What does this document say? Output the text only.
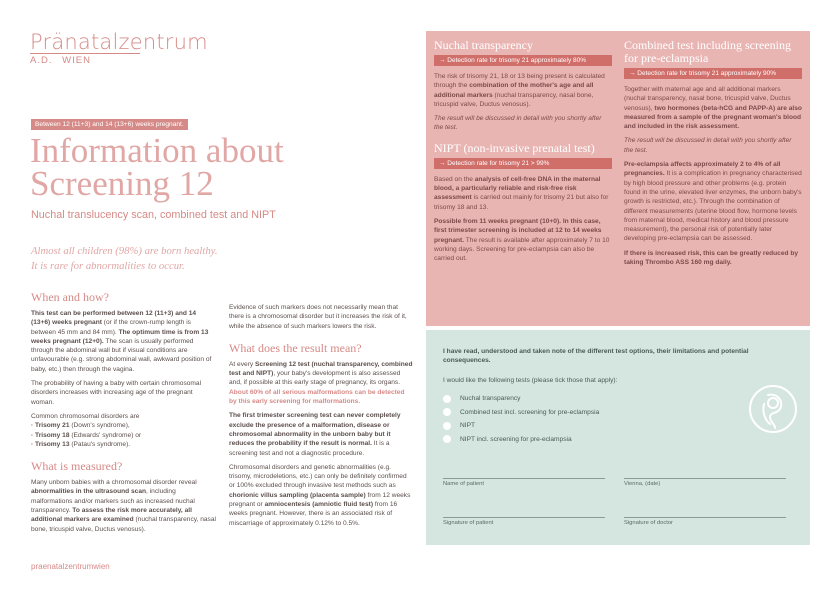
Pränatalzentrum
A.D. WIEN
Between 12 (11+3) and 14 (13+6) weeks pregnant.
Information about
Screening 12
Nuchal translucency scan, combined test and NIPT
Almost all children (98%) are born healthy.
It is rare for abnormalities to occur.
When and how?

This test can be performed between 12 (11+3) and 14 (13+6) weeks pregnant (or if the crown-rump length is between 45 mm and 84 mm). The optimum time is from 13 weeks pregnant (12+0). The scan is usually performed through the abdominal wall but if visual conditions are unfavourable (e.g. strong abdominal wall, awkward position of baby, etc.) then through the vagina.

The probability of having a baby with certain chromosomal disorders increases with increasing age of the pregnant woman.

Common chromosomal disorders are
· Trisomy 21 (Down's syndrome),
· Trisomy 18 (Edwards' syndrome) or
· Trisomy 13 (Patau's syndrome).
What is measured?

Many unborn babies with a chromosomal disorder reveal abnormalities in the ultrasound scan, including malformations and/or markers such as increased nuchal transparency. To assess the risk more accurately, all additional markers are examined (nuchal transparency, nasal bone, tricuspid valve, Ductus venosus).

Evidence of such markers does not necessarily mean that there is a chromosomal disorder but it increases the risk of it, while the absence of such markers lowers the risk.

What does the result mean?

At every Screening 12 test (nuchal transparency, combined test and NIPT), your baby's development is also assessed and, if possible at this early stage of pregnancy, its organs. About 60% of all serious malformations can be detected by this early screening for malformations.

The first trimester screening test can never completely exclude the presence of a malformation, disease or chromosomal abnormality in the unborn baby but it reduces the probability if the result is normal. It is a screening test and not a diagnostic procedure.

Chromosomal disorders and genetic abnormalities (e.g. trisomy, microdeletions, etc.) can only be definitely confirmed or 100% excluded through invasive test methods such as chorionic villus sampling (placenta sample) from 12 weeks pregnant or amniocentesis (amniotic fluid test) from 16 weeks pregnant. However, there is an associated risk of miscarriage of approximately 0.12% to 0.5%.

Nuchal transparency
→ Detection rate for trisomy 21 approximately 80%

The risk of trisomy 21, 18 or 13 being present is calculated through the combination of the mother's age and all additional markers (nuchal transparency, nasal bone, tricuspid valve, Ductus venosus).

The result will be discussed in detail with you shortly after the test.

NIPT (non-invasive prenatal test)
→ Detection rate for trisomy 21 > 99%

Based on the analysis of cell-free DNA in the maternal blood, a particularly reliable and risk-free risk assessment is carried out mainly for trisomy 21 but also for trisomy 18 and 13.

Possible from 11 weeks pregnant (10+0). In this case, first trimester screening is included at 12 to 14 weeks pregnant. The result is available after approximately 7 to 10 working days. Screening for pre-eclampsia can also be carried out.

Combined test including screening for pre-eclampsia
→ Detection rate for trisomy 21 approximately 90%

Together with maternal age and all additional markers (nuchal transparency, nasal bone, tricuspid valve, Ductus venosus), two hormones (beta-hCG and PAPP-A) are also measured from a sample of the pregnant woman's blood and included in the risk assessment.

The result will be discussed in detail with you shortly after the test.

Pre-eclampsia affects approximately 2 to 4% of all pregnancies. It is a complication in pregnancy characterised by high blood pressure and other problems (e.g. protein found in the urine, elevated liver enzymes, the unborn baby's growth is restricted, etc.). Through the combination of different measurements (uterine blood flow, hormone levels from maternal blood, medical history and blood pressure measurement), the personal risk of potentially later developing pre-eclampsia can be assessed.

If there is increased risk, this can be greatly reduced by taking Thrombo ASS 160 mg daily.

I have read, understood and taken note of the different test options, their limitations and potential consequences.
I would like the following tests (please tick those that apply):
Nuchal transparency
Combined test incl. screening for pre-eclampsia
NIPT
NIPT incl. screening for pre-eclampsia
Name of patient	Vienna, (date)
Signature of patient	Signature of doctor
praenatalzentrumwien
